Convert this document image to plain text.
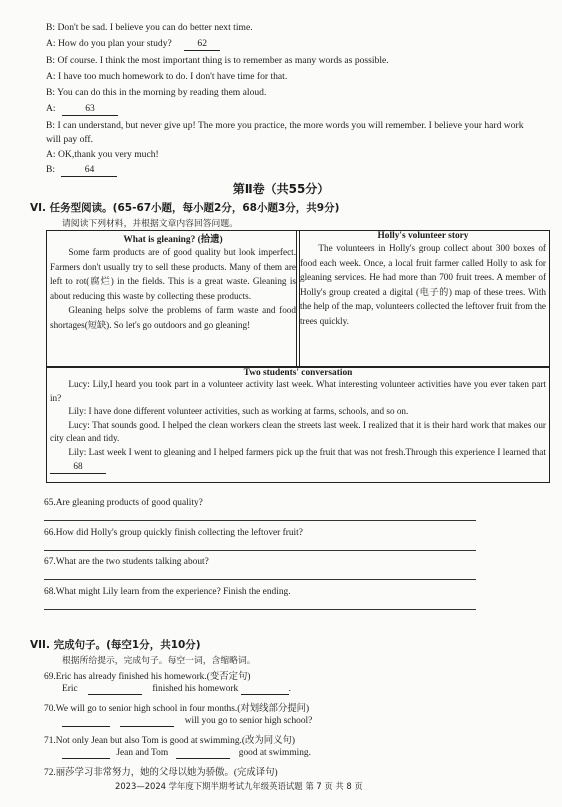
B: Don't be sad. I believe you can do better next time.
A: How do you plan your study?	62
B: Of course. I think the most important thing is to remember as many words as possible.
A: I have too much homework to do. I don't have time for that.
B: You can do this in the morning by reading them aloud.
A:	63
B: I can understand, but never give up! The more you practice, the more words you will remember. I believe your hard work
will pay off.
A: OK,thank you very much!
B:	64
第Ⅱ卷（共55分）
VI. 任务型阅读。(65-67小题，每小题2分，68小题3分，共9分)
请阅读下列材料，并根据文章内容回答问题。
What is gleaning? (拾遗)
Some farm products are of good quality but look imperfect. Farmers don't usually try to sell these products. Many of them are left to rot(腐烂) in the fields. This is a great waste. Gleaning is about reducing this waste by collecting these products.
Gleaning helps solve the problems of farm waste and food shortages(短缺). So let's go outdoors and go gleaning!
Holly's volunteer story
The volunteers in Holly's group collect about 300 boxes of food each week. Once, a local fruit farmer called Holly to ask for gleaning services. He had more than 700 fruit trees. A member of Holly's group created a digital (电子的) map of these trees. With the help of the map, volunteers collected the leftover fruit from the trees quickly.
Two students' conversation
Lucy: Lily,I heard you took part in a volunteer activity last week. What interesting volunteer activities have you ever taken part in?
Lily: I have done different volunteer activities, such as working at farms, schools, and so on.
Lucy: That sounds good. I helped the clean workers clean the streets last week. I realized that it is their hard work that makes our city clean and tidy.
Lily: Last week I went to gleaning and I helped farmers pick up the fruit that was not fresh.Through this experience I learned that 68
65.Are gleaning products of good quality?
66.How did Holly's group quickly finish collecting the leftover fruit?
67.What are the two students talking about?
68.What might Lily learn from the experience? Finish the ending.
VII. 完成句子。(每空1分，共10分)
根据所给提示，完成句子。每空一词，含缩略词。
69.Eric has already finished his homework.(变否定句)
Eric	finished his homework	.
70.We will go to senior high school in four months.(对划线部分提问)
will you go to senior high school?
71.Not only Jean but also Tom is good at swimming.(改为同义句)
Jean and Tom	good at swimming.
72.丽莎学习非常努力，她的父母以她为骄傲。(完成译句)
2023—2024 学年度下期半期考试九年级英语试题 第 7 页 共 8 页
